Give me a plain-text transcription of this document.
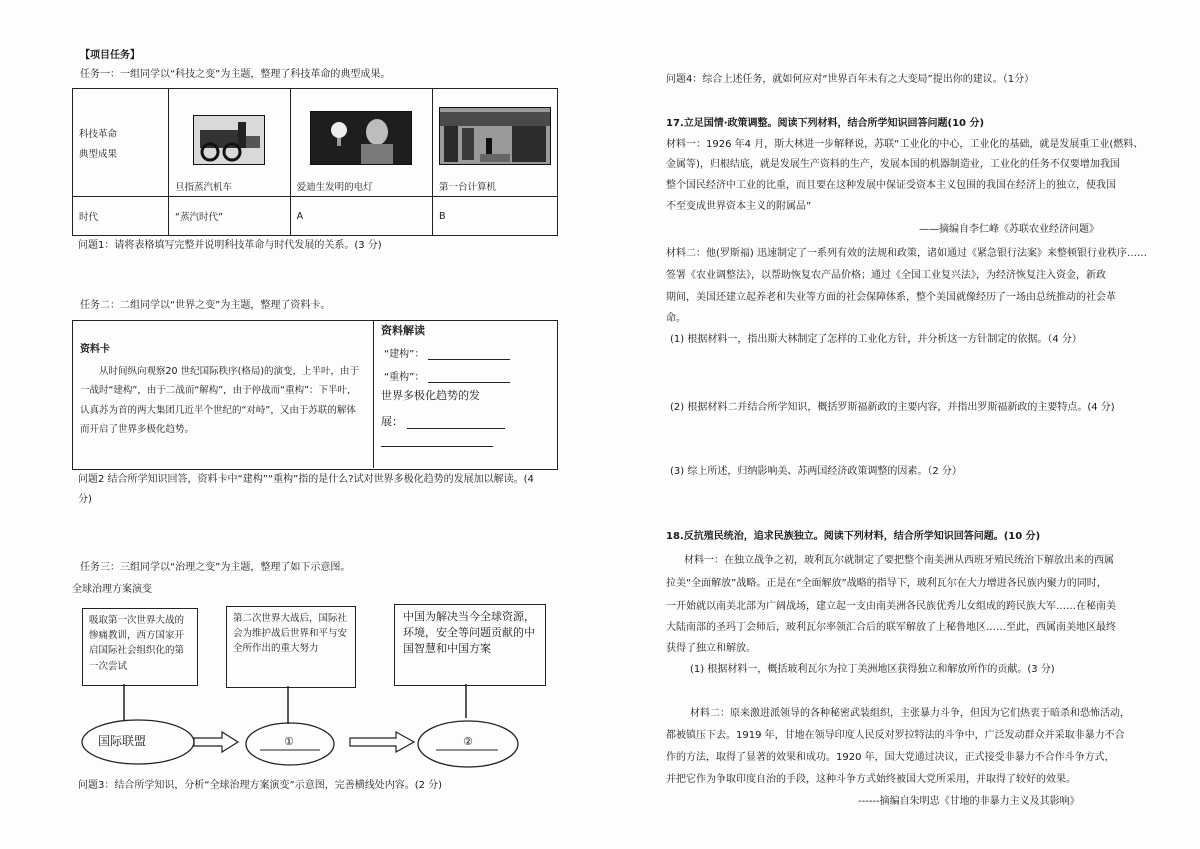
【项目任务】
任务一：一组同学以“科技之变”为主题，整理了科技革命的典型成果。
科技革命
典型成果	旦指蒸汽机车	爱迪生发明的电灯	第一台计算机

时代	“蒸汽时代”	A	B
问题1：请将表格填写完整并说明科技革命与时代发展的关系。(3 分)
任务二：二组同学以“世界之变”为主题，整理了资料卡。
资料卡
从时间纵向观察20 世纪国际秩序(格局)的演变，上半叶，由于一战时“建构”，由于二战而“解构”，由于停战而“重构”：下半叶，认真苏为首的两大集团几近半个世纪的“对峙”，又由于苏联的解体而开启了世界多极化趋势。
资料解读
“建构”：
“重构”：
世界多极化趋势的发
展：
问题2 结合所学知识回答，资料卡中“建构”“重构”指的是什么?试对世界多极化趋势的发展加以解读。(4
分)
任务三：三组同学以“治理之变”为主题，整理了如下示意图。
全球治理方案演变
吸取第一次世界大战的惨痛教训，西方国家开启国际社会组织化的第一次尝试
第二次世界大战后，国际社会为维护战后世界和平与安全所作出的重大努力
中国为解决当今全球资源，环境，安全等问题贡献的中国智慧和中国方案
国际联盟	①	②
问题3：结合所学知识，分析“全球治理方案演变”示意图，完善横线处内容。(2 分)
问题4：综合上述任务，就如何应对“世界百年未有之大变局”提出你的建议。（1分）
17.立足国情·政策调整。阅读下列材料，结合所学知识回答问题(10 分)
材料一：1926 年4 月，斯大林进一步解释说，苏联“工业化的中心，工业化的基础，就是发展重工业(燃料、
金属等)，归根结底，就是发展生产资料的生产，发展本国的机器制造业，工业化的任务不仅要增加我国
整个国民经济中工业的比重，而且要在这种发展中保证受资本主义包围的我国在经济上的独立，使我国
不至变成世界资本主义的附属品”
——摘编自李仁峰《苏联农业经济问题》
材料二：他(罗斯福) 迅速制定了一系列有效的法规和政策，诸如通过《紧急银行法案》来整顿银行业秩序……
签署《农业调整法》，以帮助恢复农产品价格；通过《全国工业复兴法》，为经济恢复注入资金，新政
期间，美国还建立起养老和失业等方面的社会保障体系，整个美国就像经历了一场由总统推动的社会革
命。
(1) 根据材料一，指出斯大林制定了怎样的工业化方针，并分析这一方针制定的依据。（4 分）
(2) 根据材料二并结合所学知识，概括罗斯福新政的主要内容，并指出罗斯福新政的主要特点。(4 分)
(3) 综上所述，归纳影响美、苏两国经济政策调整的因素。（2 分）
18.反抗殖民统治，追求民族独立。阅读下列材料，结合所学知识回答问题。(10 分)
材料一：在独立战争之初，玻利瓦尔就制定了要把整个南美洲从西班牙殖民统治下解放出来的西属
拉美“全面解放”战略。正是在“全面解放”战略的指导下，玻利瓦尔在大力增进各民族内聚力的同时，
一开始就以南美北部为广阔战场，建立起一支由南美洲各民族优秀儿女组成的跨民族大军……在秘南美
大陆南部的圣玛丁会师后，玻利瓦尔率领汇合后的联军解放了上秘鲁地区……至此，西属南美地区最终
获得了独立和解放。
(1) 根据材料一，概括玻利瓦尔为拉丁美洲地区获得独立和解放所作的贡献。(3 分)
材料二：原来激进派领导的各种秘密武装组织，主张暴力斗争，但因为它们热衷于暗杀和恐怖活动，
都被镇压下去。1919 年，甘地在领导印度人民反对罗拉特法的斗争中，广泛发动群众并采取非暴力不合
作的方法，取得了显著的效果和成功。1920 年，国大党通过决议，正式接受非暴力不合作斗争方式，
并把它作为争取印度自治的手段，这种斗争方式始终被国大党所采用，并取得了较好的效果。
------摘编自朱明忠《甘地的非暴力主义及其影响》
